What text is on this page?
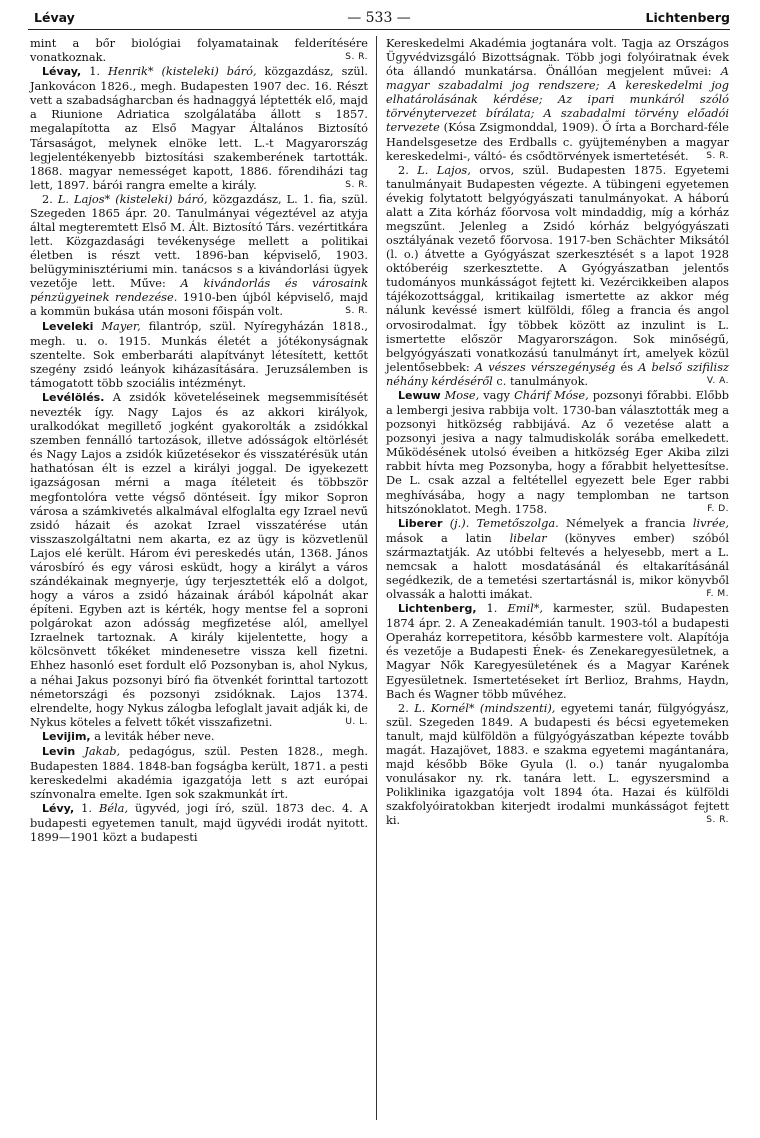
Lévay	— 533 —	Lichtenberg

mint a bőr biológiai folyamatainak felderítésére vonatkoznak.	S. R.

Lévay, 1. Henrik* (kisteleki) báró, közgazdász, szül. Jankovácon 1826., megh. Budapesten 1907 dec. 16. Részt vett a szabadságharcban és hadnaggyá léptették elő, majd a Riunione Adriatica szolgálatába állott s 1857. megalapította az Első Magyar Általános Biztosító Társaságot, melynek elnöke lett. L.-t Magyarország legjelentékenyebb biztosítási szakemberének tartották. 1868. magyar nemességet kapott, 1886. főrendiházi tag lett, 1897. bárói rangra emelte a király.	S. R.

2. L. Lajos* (kisteleki) báró, közgazdász, L. 1. fia, szül. Szegeden 1865 ápr. 20. Tanulmányai végeztével az atyja által megteremtett Első M. Ált. Biztosító Társ. vezértitkára lett. Közgazdasági tevékenysége mellett a politikai életben is részt vett. 1896-ban képviselő, 1903. belügyminisztériumi min. tanácsos s a kivándorlási ügyek vezetője lett. Műve: A kivándorlás és városaink pénzügyeinek rendezése. 1910-ben újból képviselő, majd a kommün bukása után mosoni főispán volt.	S. R.

Leveleki Mayer, filantróp, szül. Nyíregyházán 1818., megh. u. o. 1915. Munkás életét a jótékonyságnak szentelte. Sok emberbaráti alapítványt létesített, kettőt szegény zsidó leányok kiházasítására. Jeruzsálemben is támogatott több szociális intézményt.

Levélölés. A zsidók követeléseinek megsemmisítését nevezték így. Nagy Lajos és az akkori királyok, uralkodókat megillető jogként gyakorolták a zsidókkal szemben fennálló tartozások, illetve adósságok eltörlését és Nagy Lajos a zsidók kiűzetésekor és visszatérésük után hathatósan élt is ezzel a királyi joggal. De igyekezett igazságosan mérni a maga ítéleteit és többször megfontolóra vette végső döntéseit. Így mikor Sopron városa a számkivetés alkalmával elfoglalta egy Izrael nevű zsidó házait és azokat Izrael visszatérése után visszaszolgáltatni nem akarta, ez az ügy is közvetlenül Lajos elé került. Három évi pereskedés után, 1368. János városbíró és egy városi esküdt, hogy a királyt a város szándékainak megnyerje, úgy terjesztették elő a dolgot, hogy a város a zsidó házainak árából kápolnát akar építeni. Egyben azt is kérték, hogy mentse fel a soproni polgárokat azon adósság megfizetése alól, amellyel Izraelnek tartoznak. A király kijelentette, hogy a kölcsönvett tőkéket mindenesetre vissza kell fizetni. Ehhez hasonló eset fordult elő Pozsonyban is, ahol Nykus, a néhai Jakus pozsonyi bíró fia ötvenkét forinttal tartozott németországi és pozsonyi zsidóknak. Lajos 1374. elrendelte, hogy Nykus zálogba lefoglalt javait adják ki, de Nykus köteles a felvett tőkét visszafizetni.	U. L.

Levijim, a leviták héber neve.

Levin Jakab, pedagógus, szül. Pesten 1828., megh. Budapesten 1884. 1848-ban fogságba került, 1871. a pesti kereskedelmi akadémia igazgatója lett s azt európai színvonalra emelte. Igen sok szakmunkát írt.

Lévy, 1. Béla, ügyvéd, jogi író, szül. 1873 dec. 4. A budapesti egyetemen tanult, majd ügyvédi irodát nyitott. 1899—1901 közt a budapesti

Kereskedelmi Akadémia jogtanára volt. Tagja az Országos Ügyvédvizsgáló Bizottságnak. Több jogi folyóiratnak évek óta állandó munkatársa. Önállóan megjelent művei: A magyar szabadalmi jog rendszere; A kereskedelmi jog elhatárolásának kérdése; Az ipari munkáról szóló törvénytervezet bírálata; A szabadalmi törvény előadói tervezete (Kósa Zsigmonddal, 1909). Ő írta a Borchard-féle Handelsgesetze des Erdballs c. gyüjteményben a magyar kereskedelmi-, váltó- és csődtörvények ismertetését. S. R.

2. L. Lajos, orvos, szül. Budapesten 1875. Egyetemi tanulmányait Budapesten végezte. A tübingeni egyetemen évekig folytatott belgyógyászati tanulmányokat. A háború alatt a Zita kórház főorvosa volt mindaddig, míg a kórház megszűnt. Jelenleg a Zsidó kórház belgyógyászati osztályának vezető főorvosa. 1917-ben Schächter Miksától (l. o.) átvette a Gyógyászat szerkesztését s a lapot 1928 októberéig szerkesztette. A Gyógyászatban jelentős tudományos munkásságot fejtett ki. Vezércikkeiben alapos tájékozottsággal, kritikailag ismertette az akkor még nálunk kevéssé ismert külföldi, főleg a francia és angol orvosirodalmat. Így többek között az inzulint is L. ismertette először Magyarországon. Sok minőségű, belgyógyászati vonatkozású tanulmányt írt, amelyek közül jelentősebbek: A vészes vérszegénység és A belső szifilisz néhány kérdéséről c. tanulmányok.	V. A.

Lewuw Mose, vagy Chárif Móse, pozsonyi főrabbi. Előbb a lembergi jesiva rabbija volt. 1730-ban választották meg a pozsonyi hitközség rabbijává. Az ő vezetése alatt a pozsonyi jesiva a nagy talmudiskolák sorába emelkedett. Működésének utolsó éveiben a hitközség Eger Akiba zilzi rabbit hívta meg Pozsonyba, hogy a főrabbit helyettesítse. De L. csak azzal a feltétellel egyezett bele Eger rabbi meghívásába, hogy a nagy templomban ne tartson hitszónoklatot. Megh. 1758.	F. D.

Liberer (j.). Temetőszolga. Némelyek a francia livrée, mások a latin libelar (könyves ember) szóból származtatják. Az utóbbi feltevés a helyesebb, mert a L. nemcsak a halott mosdatásánál és eltakarításánál segédkezik, de a temetési szertartásnál is, mikor könyvből olvassák a halotti imákat.	F. M.

Lichtenberg, 1. Emil*, karmester, szül. Budapesten 1874 ápr. 2. A Zeneakadémián tanult. 1903-tól a budapesti Operaház korrepetitora, később karmestere volt. Alapítója és vezetője a Budapesti Ének- és Zenekaregyesületnek, a Magyar Nők Karegyesületének és a Magyar Karének Egyesületnek. Ismertetéseket írt Berlioz, Brahms, Haydn, Bach és Wagner több művéhez.

2. L. Kornél* (mindszenti), egyetemi tanár, fülgyógyász, szül. Szegeden 1849. A budapesti és bécsi egyetemeken tanult, majd külföldön a fülgyógyászatban képezte tovább magát. Hazajövet, 1883. e szakma egyetemi magántanára, majd később Böke Gyula (l. o.) tanár nyugalomba vonulásakor ny. rk. tanára lett. L. egyszersmind a Poliklinika igazgatója volt 1894 óta. Hazai és külföldi szakfolyóiratokban kiterjedt irodalmi munkásságot fejtett ki.	S. R.
